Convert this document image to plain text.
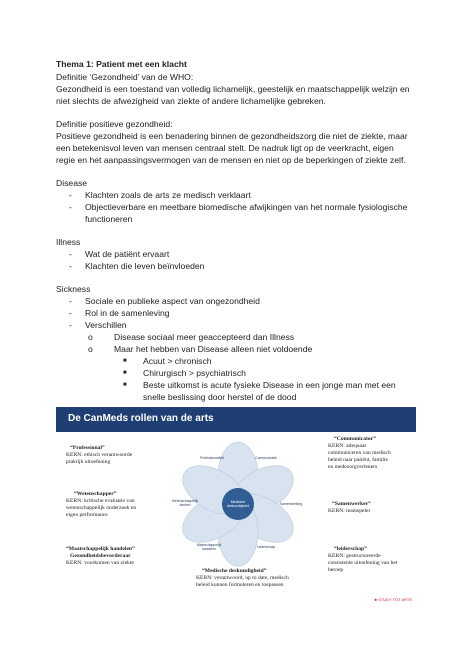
Thema 1: Patient met een klacht
Definitie ‘Gezondheid’ van de WHO:
Gezondheid is een toestand van volledig lichamelijk, geestelijk en maatschappelijk welzijn en
niet slechts de afwezigheid van ziekte of andere lichamelijke gebreken.
Definitie positieve gezondheid:
Positieve gezondheid is een benadering binnen de gezondheidszorg die niet de ziekte, maar
een betekenisvol leven van mensen centraal stelt. De nadruk ligt op de veerkracht, eigen
regie en het aanpassingsvermogen van de mensen en niet op de beperkingen of ziekte zelf.
Disease
- Klachten zoals de arts ze medisch verklaart
- Objectieverbare en meetbare biomedische afwijkingen van het normale fysiologische
functioneren
Illness
- Wat de patiënt ervaart
- Klachten die leven beïnvloeden
Sickness
- Sociale en publieke aspect van ongezondheid
- Rol in de samenleving
- Verschillen
o Disease sociaal meer geaccepteerd dan Illness
o Maar het hebben van Disease alleen niet voldoende
■ Acuut > chronisch
■ Chirurgisch > psychiatrisch
■ Beste uitkomst is acute fysieke Disease in een jonge man met een
snelle beslissing door herstel of de dood
De CanMeds rollen van de arts
“Professional”
KERN: ethisch verantwoorde
praktijk uitoefening
“Wetenschapper”
KERN: kritische evaluatie van
wetenschappelijk onderzoek en
eigen performance
“Maatschappelijk handelen”
Gezondheidsbevorderaar
KERN: voorkomen van ziekte
“Communicator”
KERN: adequaat
communiceren van medisch
beleid naar patiënt, familie
en medezorgverleners
“Samenwerker”
KERN: teamspeler
“leiderschap”
KERN: gestructureerde
consistente uitoefening van het
beroep
“Medische deskundigheid”
KERN: verantwoord, up to date, medisch
beleid kunnen formuleren en toepassen
Professionaliteit	Communicatie
Wetenschappelijk denken	Samenwerking
Maatschappelijk handelen	Leiderschap
Medische deskundigheid
♣ STUDY TOT ARTS
